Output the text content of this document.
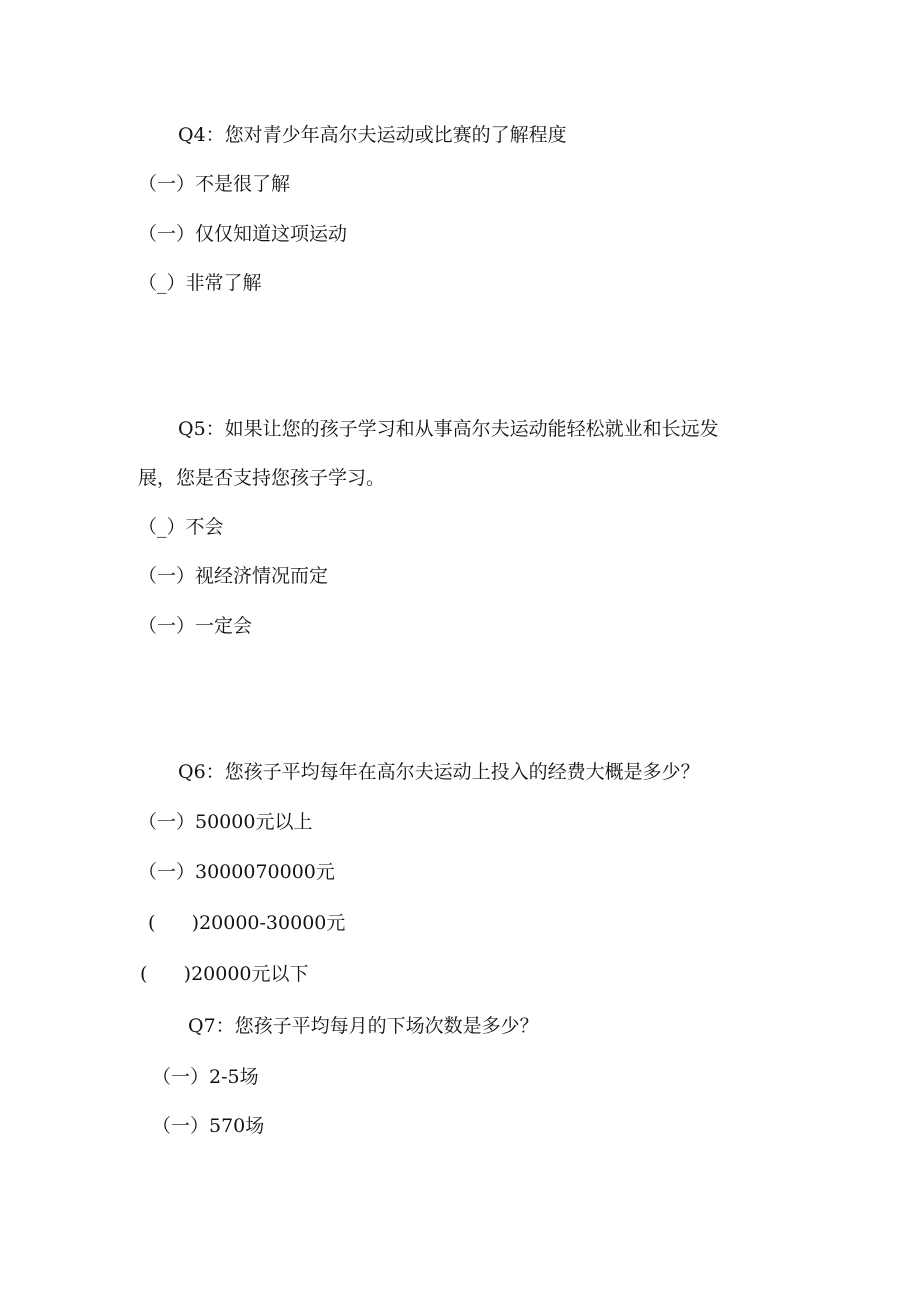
Q4：您对青少年高尔夫运动或比赛的了解程度
（一）不是很了解
（一）仅仅知道这项运动
（_）非常了解
Q5：如果让您的孩子学习和从事高尔夫运动能轻松就业和长远发
展，您是否支持您孩子学习。
（_）不会
（一）视经济情况而定
（一）一定会
Q6：您孩子平均每年在高尔夫运动上投入的经费大概是多少？
（一）50000元以上
（一）3000070000元
(      )20000-30000元
(      )20000元以下
Q7：您孩子平均每月的下场次数是多少？
（一）2-5场
（一）570场
